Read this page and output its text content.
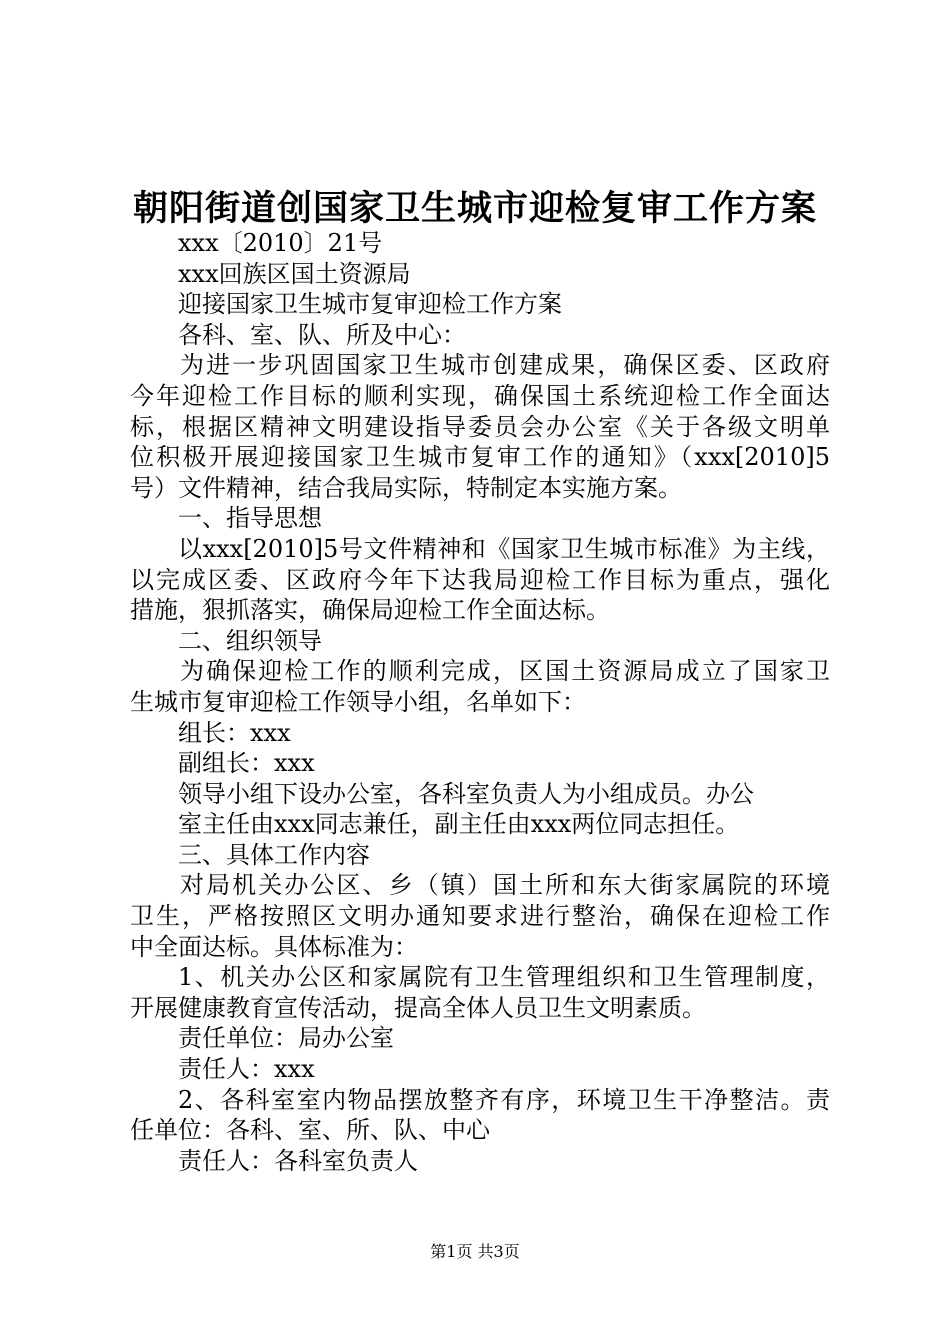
朝阳街道创国家卫生城市迎检复审工作方案
xxx〔2010〕21号
xxx回族区国土资源局
迎接国家卫生城市复审迎检工作方案
各科、室、队、所及中心：
为进一步巩固国家卫生城市创建成果，确保区委、区政府
今年迎检工作目标的顺利实现，确保国土系统迎检工作全面达
标，根据区精神文明建设指导委员会办公室《关于各级文明单
位积极开展迎接国家卫生城市复审工作的通知》（xxx[2010]5
号）文件精神，结合我局实际，特制定本实施方案。
一、指导思想
以xxx[2010]5号文件精神和《国家卫生城市标准》为主线，
以完成区委、区政府今年下达我局迎检工作目标为重点，强化
措施，狠抓落实，确保局迎检工作全面达标。
二、组织领导
为确保迎检工作的顺利完成，区国土资源局成立了国家卫
生城市复审迎检工作领导小组，名单如下：
组长：xxx
副组长：xxx
领导小组下设办公室，各科室负责人为小组成员。办公
室主任由xxx同志兼任，副主任由xxx两位同志担任。
三、具体工作内容
对局机关办公区、乡（镇）国土所和东大街家属院的环境
卫生，严格按照区文明办通知要求进行整治，确保在迎检工作
中全面达标。具体标准为：
1、机关办公区和家属院有卫生管理组织和卫生管理制度，
开展健康教育宣传活动，提高全体人员卫生文明素质。
责任单位：局办公室
责任人：xxx
2、各科室室内物品摆放整齐有序，环境卫生干净整洁。责
任单位：各科、室、所、队、中心
责任人：各科室负责人
第1页 共3页
